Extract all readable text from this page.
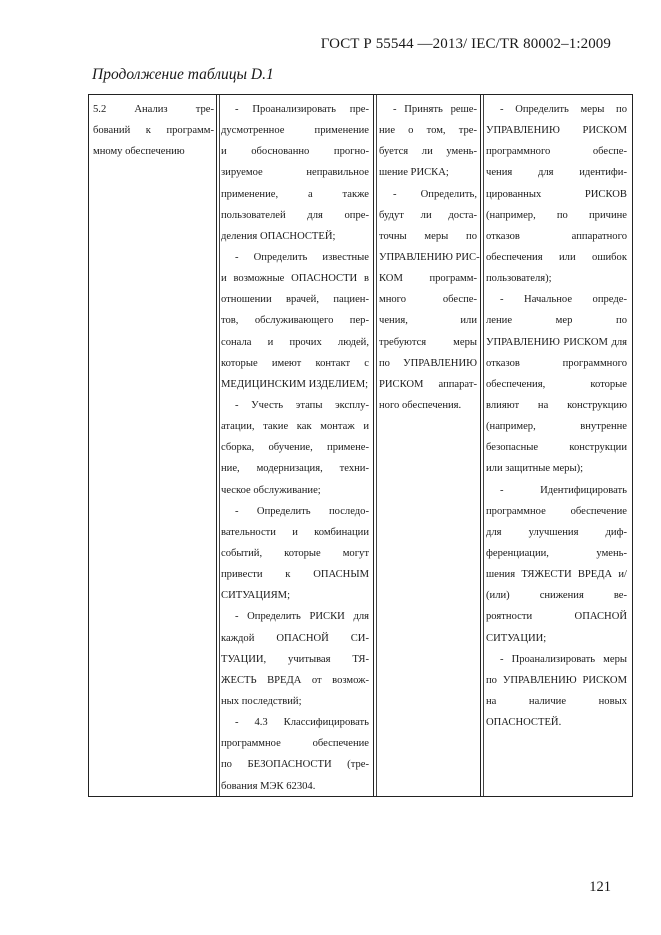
ГОСТ Р 55544 —2013/ IEC/TR 80002–1:2009
Продолжение таблицы D.1
5.2 Анализ тре-
бований к программ-
мному обеспечению
- Проанализировать пре-
дусмотренное применение
и обоснованно прогно-
зируемое неправильное
применение, а также
пользователей для опре-
деления ОПАСНОСТЕЙ;
- Определить известные
и возможные ОПАСНОСТИ в
отношении врачей, пациен-
тов, обслуживающего пер-
сонала и прочих людей,
которые имеют контакт с
МЕДИЦИНСКИМ ИЗДЕЛИЕМ;
- Учесть этапы эксплу-
атации, такие как монтаж и
сборка, обучение, примене-
ние, модернизация, техни-
ческое обслуживание;
- Определить последо-
вательности и комбинации
событий, которые могут
привести к ОПАСНЫМ
СИТУАЦИЯМ;
- Определить РИСКИ для
каждой ОПАСНОЙ СИ-
ТУАЦИИ, учитывая ТЯ-
ЖЕСТЬ ВРЕДА от возмож-
ных последствий;
- 4.3 Классифицировать
программное обеспечение
по БЕЗОПАСНОСТИ (тре-
бования МЭК 62304.
- Принять реше-
ние о том, тре-
буется ли умень-
шение РИСКА;
- Определить,
будут ли доста-
точны меры по
УПРАВЛЕНИЮ РИС-
КОМ программ-
много обеспе-
чения, или
требуются меры
по УПРАВЛЕНИЮ
РИСКОМ аппарат-
ного обеспечения.
- Определить меры по
УПРАВЛЕНИЮ РИСКОМ
программного обеспе-
чения для идентифи-
цированных РИСКОВ
(например, по причине
отказов аппаратного
обеспечения или ошибок
пользователя);
- Начальное опреде-
ление мер по
УПРАВЛЕНИЮ РИСКОМ для
отказов программного
обеспечения, которые
влияют на конструкцию
(например, внутренне
безопасные конструкции
или защитные меры);
- Идентифицировать
программное обеспечение
для улучшения диф-
ференциации, умень-
шения ТЯЖЕСТИ ВРЕДА и/
(или) снижения ве-
роятности ОПАСНОЙ
СИТУАЦИИ;
- Проанализировать меры
по УПРАВЛЕНИЮ РИСКОМ
на наличие новых
ОПАСНОСТЕЙ.
121
